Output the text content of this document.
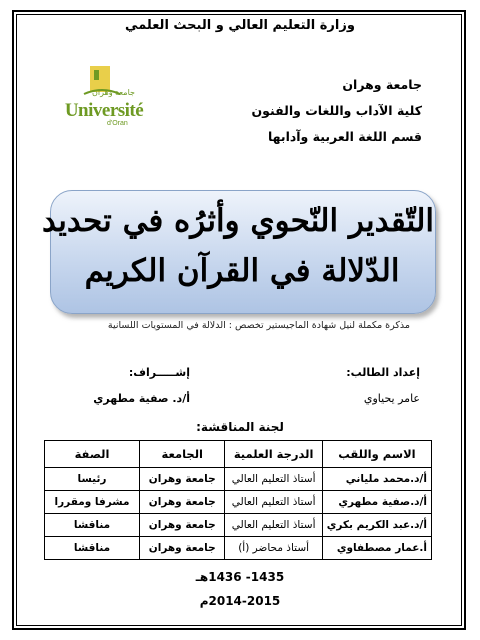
وزارة التعليم العالي و البحث العلمي
جامعة وهران
Université
d'Oran
جامعة وهران
كلية الآداب واللغات والفنون
قسم اللغة العربية وآدابها
التّقدير النّحوي وأثرُه في تحديد
الدّلالة في القرآن الكريم
مذكرة مكملة لنيل شهادة الماجيستير تخصص : الدلالة في المستويات اللسانية
إعداد الطالب:
عامر يحياوي
إشـــــراف:
أ/د. صفية مطهري
لجنة المناقشة:
الاسم واللقب	الدرجة العلمية	الجامعة	الصفة
أ/د.محمد ملياني	أستاذ التعليم العالي	جامعة وهران	رئيسا
أ/د.صفية مطهري	أستاذ التعليم العالي	جامعة وهران	مشرفا ومقررا
أ/د.عبد الكريم بكري	أستاذ التعليم العالي	جامعة وهران	مناقشا
أ.عمار مصطفاوي	أستاذ محاضر (أ)	جامعة وهران	مناقشا
1435- 1436هـ
2014-2015م
